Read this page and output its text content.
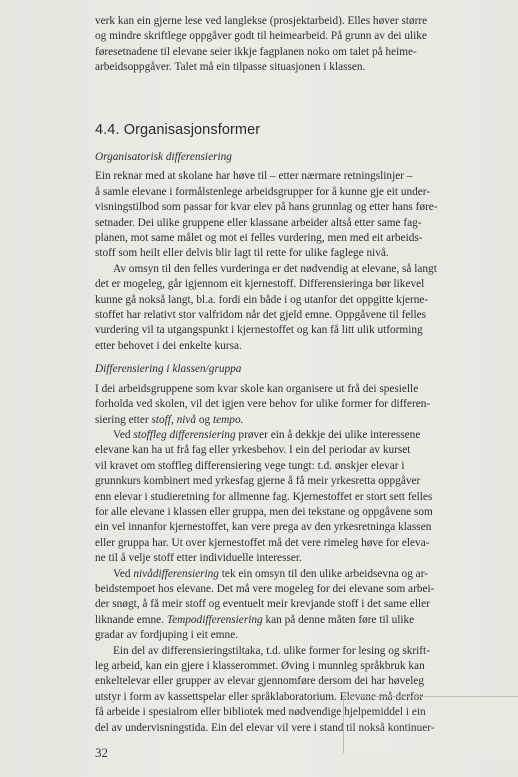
verk kan ein gjerne lese ved langlekse (prosjektarbeid). Elles høver større
og mindre skriftlege oppgåver godt til heimearbeid. På grunn av dei ulike
føresetnadene til elevane seier ikkje fagplanen noko om talet på heime-
arbeidsoppgåver. Talet må ein tilpasse situasjonen i klassen.
4.4. Organisasjonsformer
Organisatorisk differensiering
Ein reknar med at skolane har høve til – etter nærmare retningslinjer –
å samle elevane i formålstenlege arbeidsgrupper for å kunne gje eit under-
visningstilbod som passar for kvar elev på hans grunnlag og etter hans føre-
setnader. Dei ulike gruppene eller klassane arbeider altså etter same fag-
planen, mot same målet og mot ei felles vurdering, men med eit arbeids-
stoff som heilt eller delvis blir lagt til rette for ulike faglege nivå.
Av omsyn til den felles vurderinga er det nødvendig at elevane, så langt
det er mogeleg, går igjennom eit kjernestoff. Differensieringa bør likevel
kunne gå nokså langt, bl.a. fordi ein både i og utanfor det oppgitte kjerne-
stoffet har relativt stor valfridom når det gjeld emne. Oppgåvene til felles
vurdering vil ta utgangspunkt i kjernestoffet og kan få litt ulik utforming
etter behovet i dei enkelte kursa.
Differensiering i klassen/gruppa
I dei arbeidsgruppene som kvar skole kan organisere ut frå dei spesielle
forholda ved skolen, vil det igjen vere behov for ulike former for differen-
siering etter stoff, nivå og tempo.
Ved stoffleg differensiering prøver ein å dekkje dei ulike interessene
elevane kan ha ut frå fag eller yrkesbehov. I ein del periodar av kurset
vil kravet om stoffleg differensiering vege tungt: t.d. ønskjer elevar i
grunnkurs kombinert med yrkesfag gjerne å få meir yrkesretta oppgåver
enn elevar i studieretning for allmenne fag. Kjernestoffet er stort sett felles
for alle elevane i klassen eller gruppa, men dei tekstane og oppgåvene som
ein vel innanfor kjernestoffet, kan vere prega av den yrkesretninga klassen
eller gruppa har. Ut over kjernestoffet må det vere rimeleg høve for eleva-
ne til å velje stoff etter individuelle interesser.
Ved nivådifferensiering tek ein omsyn til den ulike arbeidsevna og ar-
beidstempoet hos elevane. Det må vere mogeleg for dei elevane som arbei-
der snøgt, å få meir stoff og eventuelt meir krevjande stoff i det same eller
liknande emne. Tempodifferensiering kan på denne måten føre til ulike
gradar av fordjuping i eit emne.
Ein del av differensieringstiltaka, t.d. ulike former for lesing og skrift-
leg arbeid, kan ein gjere i klasserommet. Øving i munnleg språkbruk kan
enkeltelevar eller grupper av elevar gjennomføre dersom dei har høveleg
utstyr i form av kassettspelar eller språklaboratorium. Elevane må derfor
få arbeide i spesialrom eller bibliotek med nødvendige hjelpemiddel i ein
del av undervisningstida. Ein del elevar vil vere i stand til nokså kontinuer-
32
